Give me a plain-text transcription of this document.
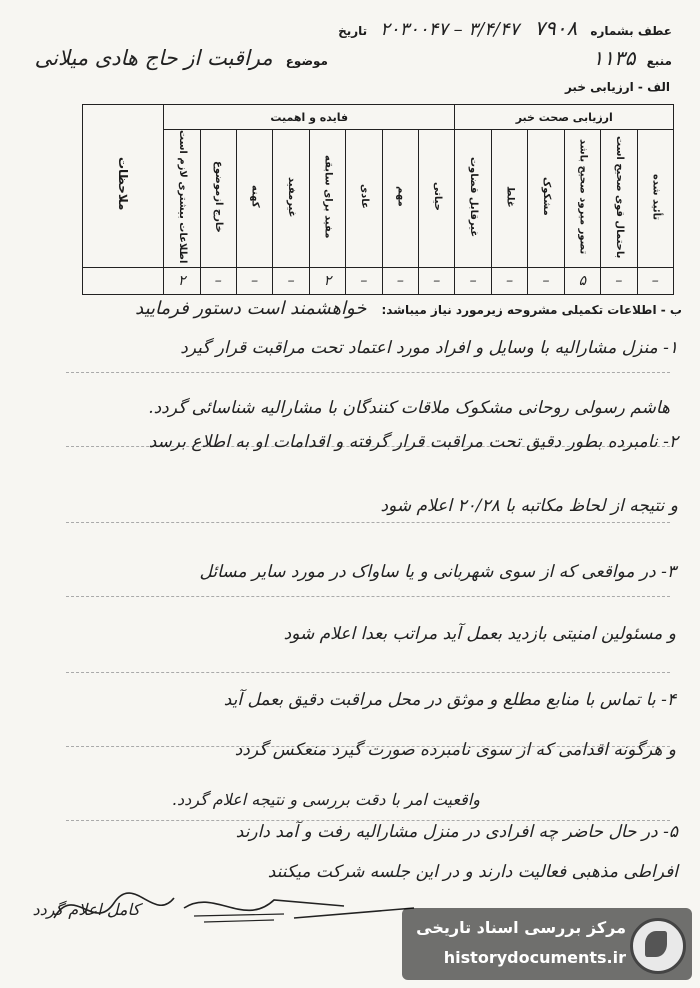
عطف بشماره ۷۹۰۸ ۳/۴/۴۷ – ۲۰۳۰۰۴۷ تاریخ
منبع ۱۱۳۵
موضوع مراقبت از حاج هادی میلانی
الف - ارزیابی خبر
ارزیابی صحت خبر						فایده و اهمیت								ملاحظات
تأئید شده	باحتمال قوی صحیح است	تصور میرود صحیح باشد	مشکوک	غلط	غیرقابل قضاوت	حیاتی	مهم	عادی	مفید برای سابقه	غیرمفید	کهنه	خارج ازموضوع	اطلاعات بیشتری لازم است	
–	–	۵	–	–	–	–	–	–	۲	–	–	–	۲	
ب - اطلاعات تکمیلی مشروحه زیرمورد نیاز میباشد: خواهشمند است دستور فرمایید
۱- منزل مشارالیه با وسایل و افراد مورد اعتماد تحت مراقبت قرار گیرد
هاشم رسولی روحانی مشکوک ملاقات کنندگان با مشارالیه شناسائی گردد.
۲- نامبرده بطور دقیق تحت مراقبت قرار گرفته و اقدامات او به اطلاع برسد
و نتیجه از لحاظ مکاتبه با ۲۰/۲۸ اعلام شود
۳- در مواقعی که از سوی شهربانی و یا ساواک در مورد سایر مسائل
و مسئولین امنیتی بازدید بعمل آید مراتب بعدا اعلام شود
۴- با تماس با منابع مطلع و موثق در محل مراقبت دقیق بعمل آید
و هرگونه اقدامی که از سوی نامبرده صورت گیرد منعکس گردد
واقعیت امر با دقت بررسی و نتیجه اعلام گردد.
۵- در حال حاضر چه افرادی در منزل مشارالیه رفت و آمد دارند
افراطی مذهبی فعالیت دارند و در این جلسه شرکت میکنند
کامل اعلام گردد
مرکز بررسی اسناد تاریخی
historydocuments.ir
